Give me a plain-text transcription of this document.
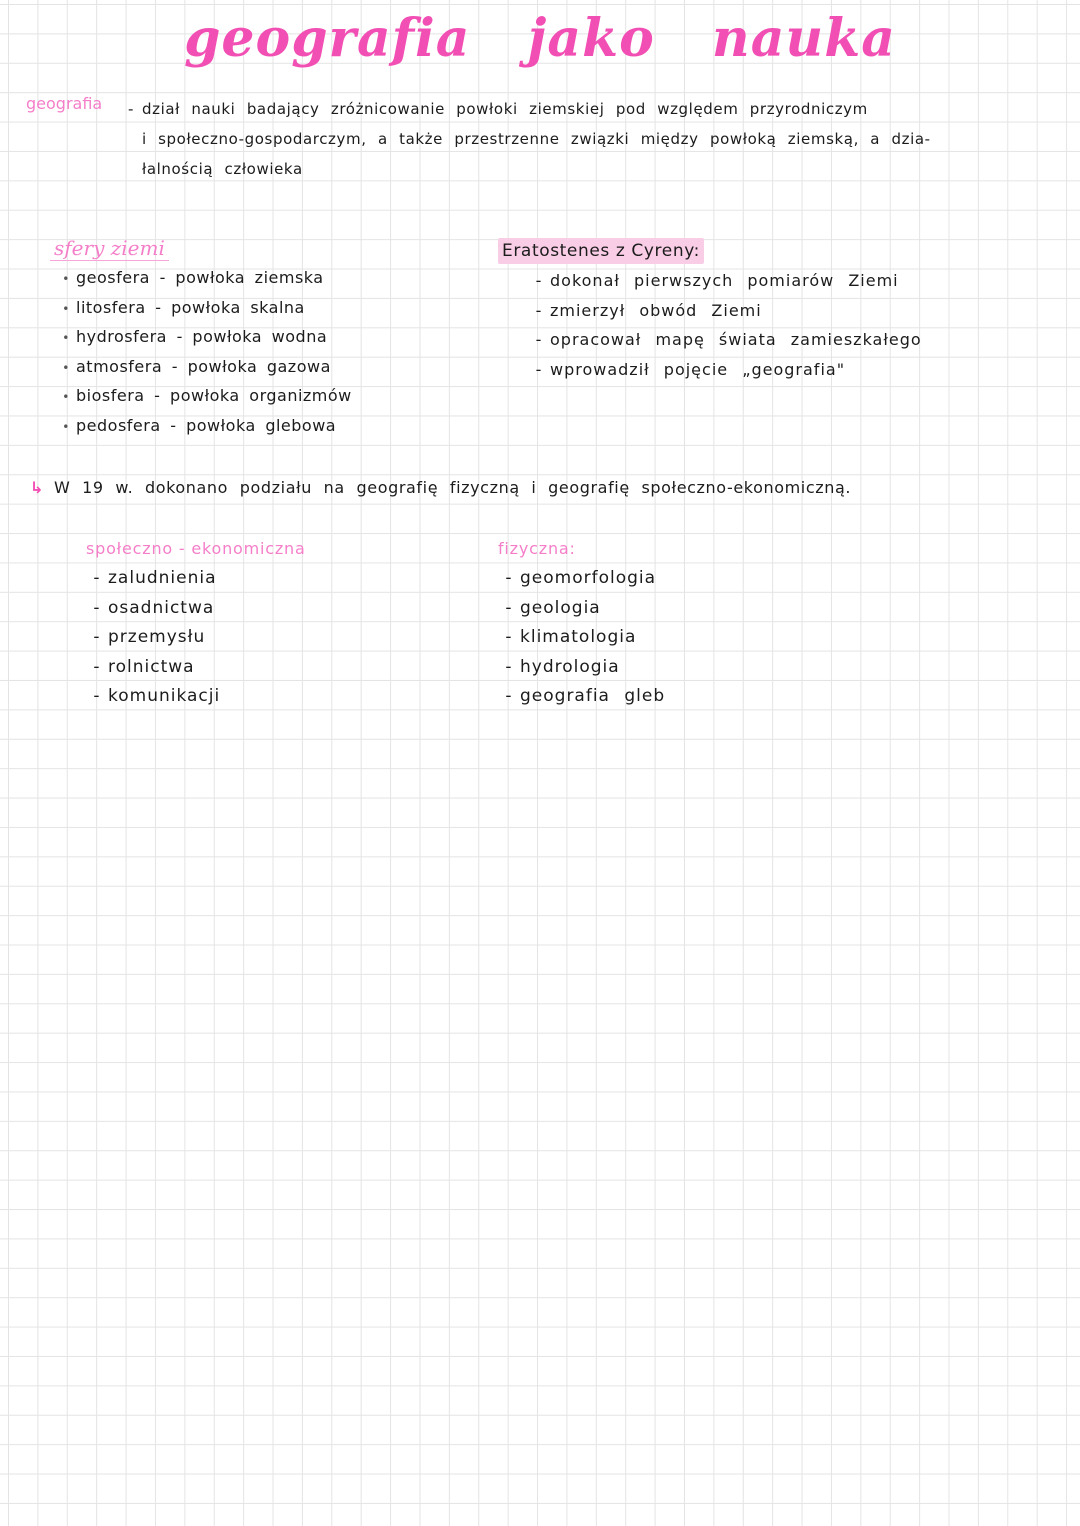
geografia jako nauka
geografia - dział nauki badający zróżnicowanie powłoki ziemskiej pod względem przyrodniczym
i społeczno-gospodarczym, a także przestrzenne związki między powłoką ziemską, a dzia-
łalnością człowieka
sfery ziemi
• geosfera - powłoka ziemska
• litosfera - powłoka skalna
• hydrosfera - powłoka wodna
• atmosfera - powłoka gazowa
• biosfera - powłoka organizmów
• pedosfera - powłoka glebowa
Eratostenes z Cyreny:
- dokonał pierwszych pomiarów Ziemi
- zmierzył obwód Ziemi
- opracował mapę świata zamieszkałego
- wprowadził pojęcie „geografia"
↳ W 19 w. dokonano podziału na geografię fizyczną i geografię społeczno-ekonomiczną.
społeczno - ekonomiczna
- zaludnienia
- osadnictwa
- przemysłu
- rolnictwa
- komunikacji
fizyczna:
- geomorfologia
- geologia
- klimatologia
- hydrologia
- geografia gleb
